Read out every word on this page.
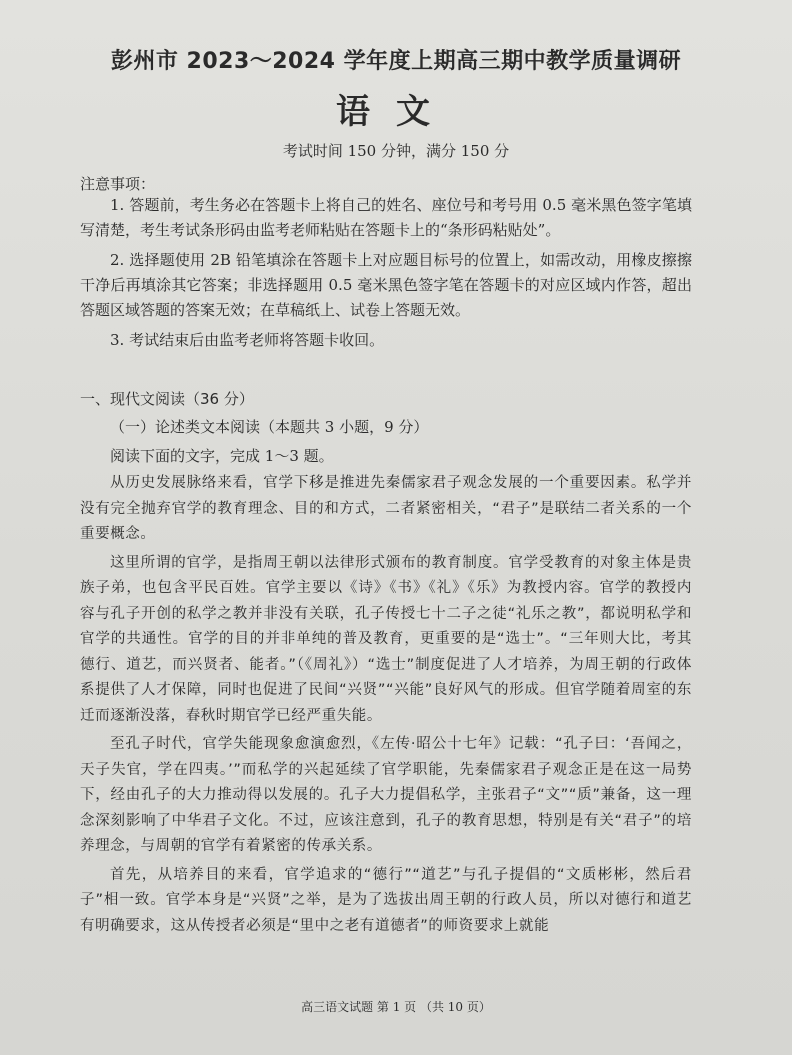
彭州市 2023～2024 学年度上期高三期中教学质量调研
语文
考试时间 150 分钟，满分 150 分
注意事项：

1. 答题前，考生务必在答题卡上将自己的姓名、座位号和考号用 0.5 毫米黑色签字笔填写清楚，考生考试条形码由监考老师粘贴在答题卡上的“条形码粘贴处”。

2. 选择题使用 2B 铅笔填涂在答题卡上对应题目标号的位置上，如需改动，用橡皮擦擦干净后再填涂其它答案；非选择题用 0.5 毫米黑色签字笔在答题卡的对应区域内作答，超出答题区域答题的答案无效；在草稿纸上、试卷上答题无效。

3. 考试结束后由监考老师将答题卡收回。

一、现代文阅读（36 分）
（一）论述类文本阅读（本题共 3 小题，9 分）
阅读下面的文字，完成 1～3 题。

从历史发展脉络来看，官学下移是推进先秦儒家君子观念发展的一个重要因素。私学并没有完全抛弃官学的教育理念、目的和方式，二者紧密相关，“君子”是联结二者关系的一个重要概念。

这里所谓的官学，是指周王朝以法律形式颁布的教育制度。官学受教育的对象主体是贵族子弟，也包含平民百姓。官学主要以《诗》《书》《礼》《乐》为教授内容。官学的教授内容与孔子开创的私学之教并非没有关联，孔子传授七十二子之徒“礼乐之教”，都说明私学和官学的共通性。官学的目的并非单纯的普及教育，更重要的是“选士”。“三年则大比，考其德行、道艺，而兴贤者、能者。”（《周礼》）“选士”制度促进了人才培养，为周王朝的行政体系提供了人才保障，同时也促进了民间“兴贤”“兴能”良好风气的形成。但官学随着周室的东迁而逐渐没落，春秋时期官学已经严重失能。

至孔子时代，官学失能现象愈演愈烈，《左传·昭公十七年》记载：“孔子曰：‘吾闻之，天子失官，学在四夷。’”而私学的兴起延续了官学职能，先秦儒家君子观念正是在这一局势下，经由孔子的大力推动得以发展的。孔子大力提倡私学，主张君子“文”“质”兼备，这一理念深刻影响了中华君子文化。不过，应该注意到，孔子的教育思想，特别是有关“君子”的培养理念，与周朝的官学有着紧密的传承关系。

首先，从培养目的来看，官学追求的“德行”“道艺”与孔子提倡的“文质彬彬，然后君子”相一致。官学本身是“兴贤”之举，是为了选拔出周王朝的行政人员，所以对德行和道艺有明确要求，这从传授者必须是“里中之老有道德者”的师资要求上就能

高三语文试题 第 1 页 （共 10 页）
